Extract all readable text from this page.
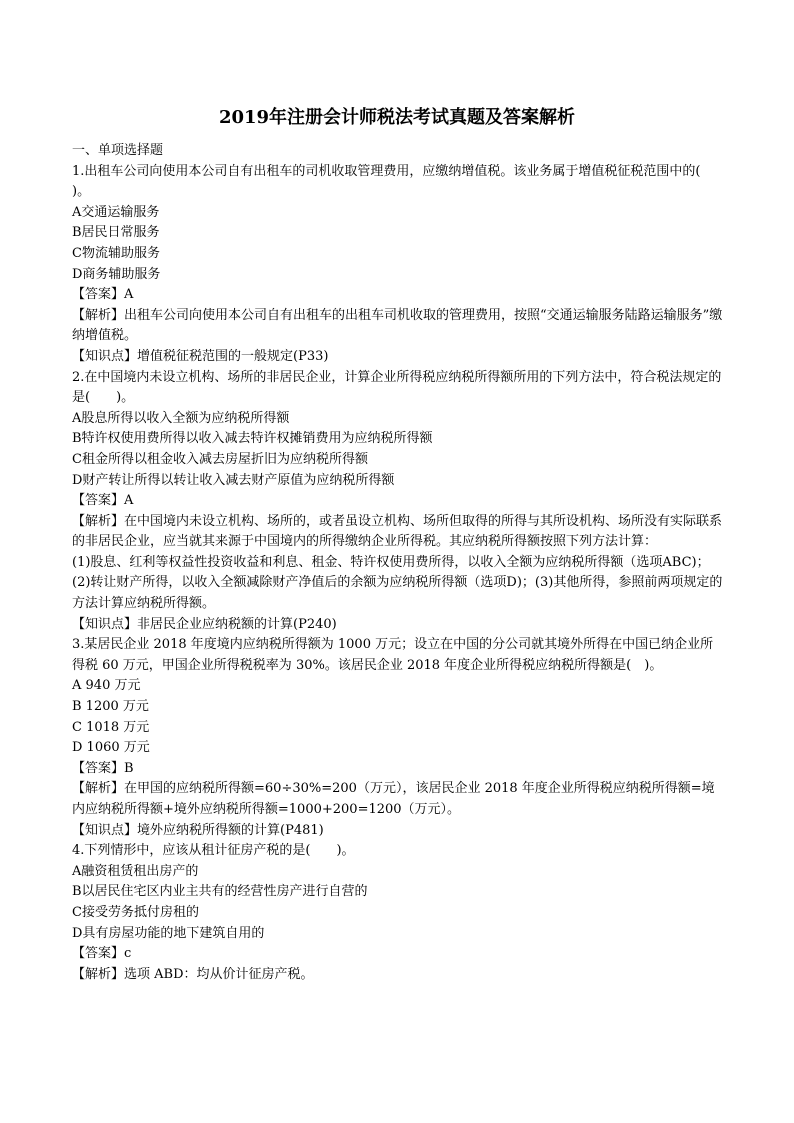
2019年注册会计师税法考试真题及答案解析
一、单项选择题
1.出租车公司向使用本公司自有出租车的司机收取管理费用，应缴纳增值税。该业务属于增值税征税范围中的(　　)。
A交通运输服务
B居民日常服务
C物流辅助服务
D商务辅助服务
【答案】A
【解析】出租车公司向使用本公司自有出租车的出租车司机收取的管理费用，按照“交通运输服务陆路运输服务”缴纳增值税。
【知识点】增值税征税范围的一般规定(P33)
2.在中国境内未设立机构、场所的非居民企业，计算企业所得税应纳税所得额所用的下列方法中，符合税法规定的是(　　)。
A股息所得以收入全额为应纳税所得额
B特许权使用费所得以收入减去特许权摊销费用为应纳税所得额
C租金所得以租金收入减去房屋折旧为应纳税所得额
D财产转让所得以转让收入减去财产原值为应纳税所得额
【答案】A
【解析】在中国境内未设立机构、场所的，或者虽设立机构、场所但取得的所得与其所设机构、场所没有实际联系的非居民企业，应当就其来源于中国境内的所得缴纳企业所得税。其应纳税所得额按照下列方法计算：
(1)股息、红利等权益性投资收益和利息、租金、特许权使用费所得，以收入全额为应纳税所得额（选项ABC)；(2)转让财产所得，以收入全额减除财产净值后的余额为应纳税所得额（选项D)；(3)其他所得，参照前两项规定的方法计算应纳税所得额。
【知识点】非居民企业应纳税额的计算(P240)
3.某居民企业 2018 年度境内应纳税所得额为 1000 万元；设立在中国的分公司就其境外所得在中国已纳企业所得税 60 万元，甲国企业所得税税率为 30%。该居民企业 2018 年度企业所得税应纳税所得额是(　)。
A 940 万元
B 1200 万元
C 1018 万元
D 1060 万元
【答案】B
【解析】在甲国的应纳税所得额=60÷30%=200（万元），该居民企业 2018 年度企业所得税应纳税所得额=境内应纳税所得额+境外应纳税所得额=1000+200=1200（万元）。
【知识点】境外应纳税所得额的计算(P481)
4.下列情形中，应该从租计征房产税的是(　　)。
A融资租赁租出房产的
B以居民住宅区内业主共有的经营性房产进行自营的
C接受劳务抵付房租的
D具有房屋功能的地下建筑自用的
【答案】c
【解析】选项 ABD：均从价计征房产税。
